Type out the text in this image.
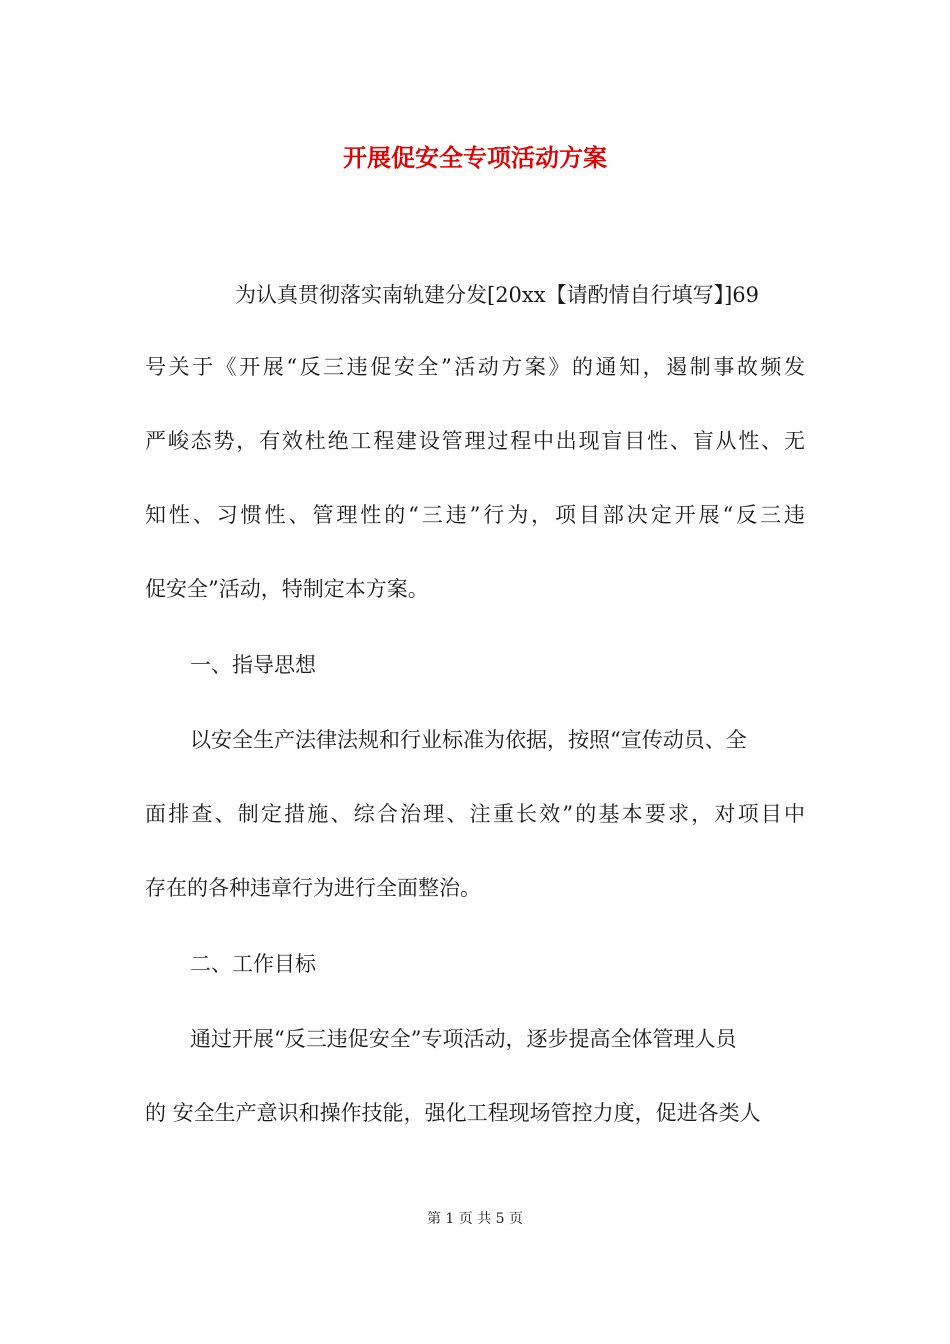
开展促安全专项活动方案

为认真贯彻落实南轨建分发[20xx【请酌情自行填写】]69

号关于《开展“反三违促安全”活动方案》的通知，遏制事故频发

严峻态势，有效杜绝工程建设管理过程中出现盲目性、盲从性、无

知性、习惯性、管理性的“三违”行为，项目部决定开展“反三违

促安全”活动，特制定本方案。

一、指导思想

以安全生产法律法规和行业标准为依据，按照“宣传动员、全

面排查、制定措施、综合治理、注重长效”的基本要求，对项目中

存在的各种违章行为进行全面整治。

二、工作目标

通过开展“反三违促安全”专项活动，逐步提高全体管理人员

的 安全生产意识和操作技能，强化工程现场管控力度，促进各类人

第 1 页 共 5 页
